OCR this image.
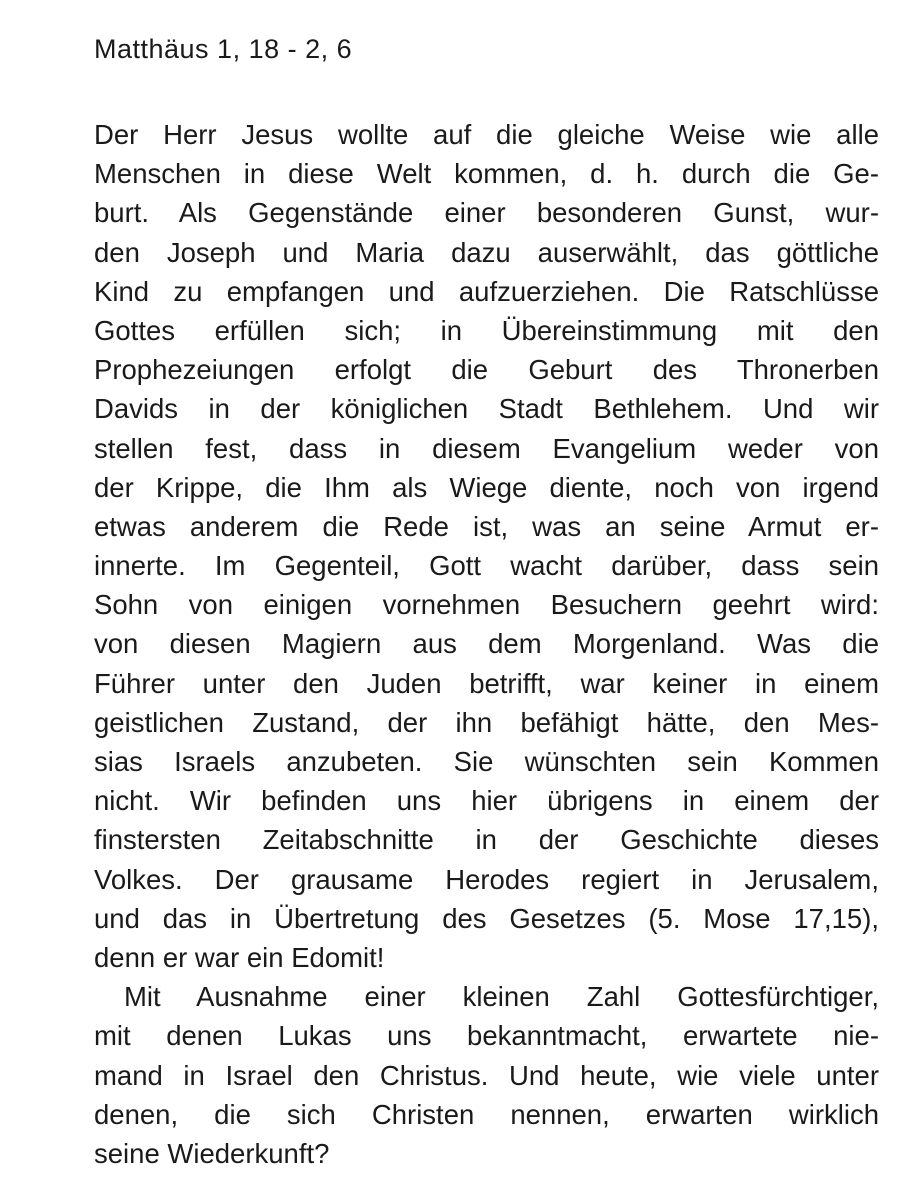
Matthäus 1, 18 - 2, 6
Der Herr Jesus wollte auf die gleiche Weise wie alle
Menschen in diese Welt kommen, d. h. durch die Ge-
burt. Als Gegenstände einer besonderen Gunst, wur-
den Joseph und Maria dazu auserwählt, das göttliche
Kind zu empfangen und aufzuerziehen. Die Ratschlüsse
Gottes erfüllen sich; in Übereinstimmung mit den
Prophezeiungen erfolgt die Geburt des Thronerben
Davids in der königlichen Stadt Bethlehem. Und wir
stellen fest, dass in diesem Evangelium weder von
der Krippe, die Ihm als Wiege diente, noch von irgend
etwas anderem die Rede ist, was an seine Armut er-
innerte. Im Gegenteil, Gott wacht darüber, dass sein
Sohn von einigen vornehmen Besuchern geehrt wird:
von diesen Magiern aus dem Morgenland. Was die
Führer unter den Juden betrifft, war keiner in einem
geistlichen Zustand, der ihn befähigt hätte, den Mes-
sias Israels anzubeten. Sie wünschten sein Kommen
nicht. Wir befinden uns hier übrigens in einem der
finstersten Zeitabschnitte in der Geschichte dieses
Volkes. Der grausame Herodes regiert in Jerusalem,
und das in Übertretung des Gesetzes (5. Mose 17,15),
denn er war ein Edomit!
Mit Ausnahme einer kleinen Zahl Gottesfürchtiger,
mit denen Lukas uns bekanntmacht, erwartete nie-
mand in Israel den Christus. Und heute, wie viele unter
denen, die sich Christen nennen, erwarten wirklich
seine Wiederkunft?
